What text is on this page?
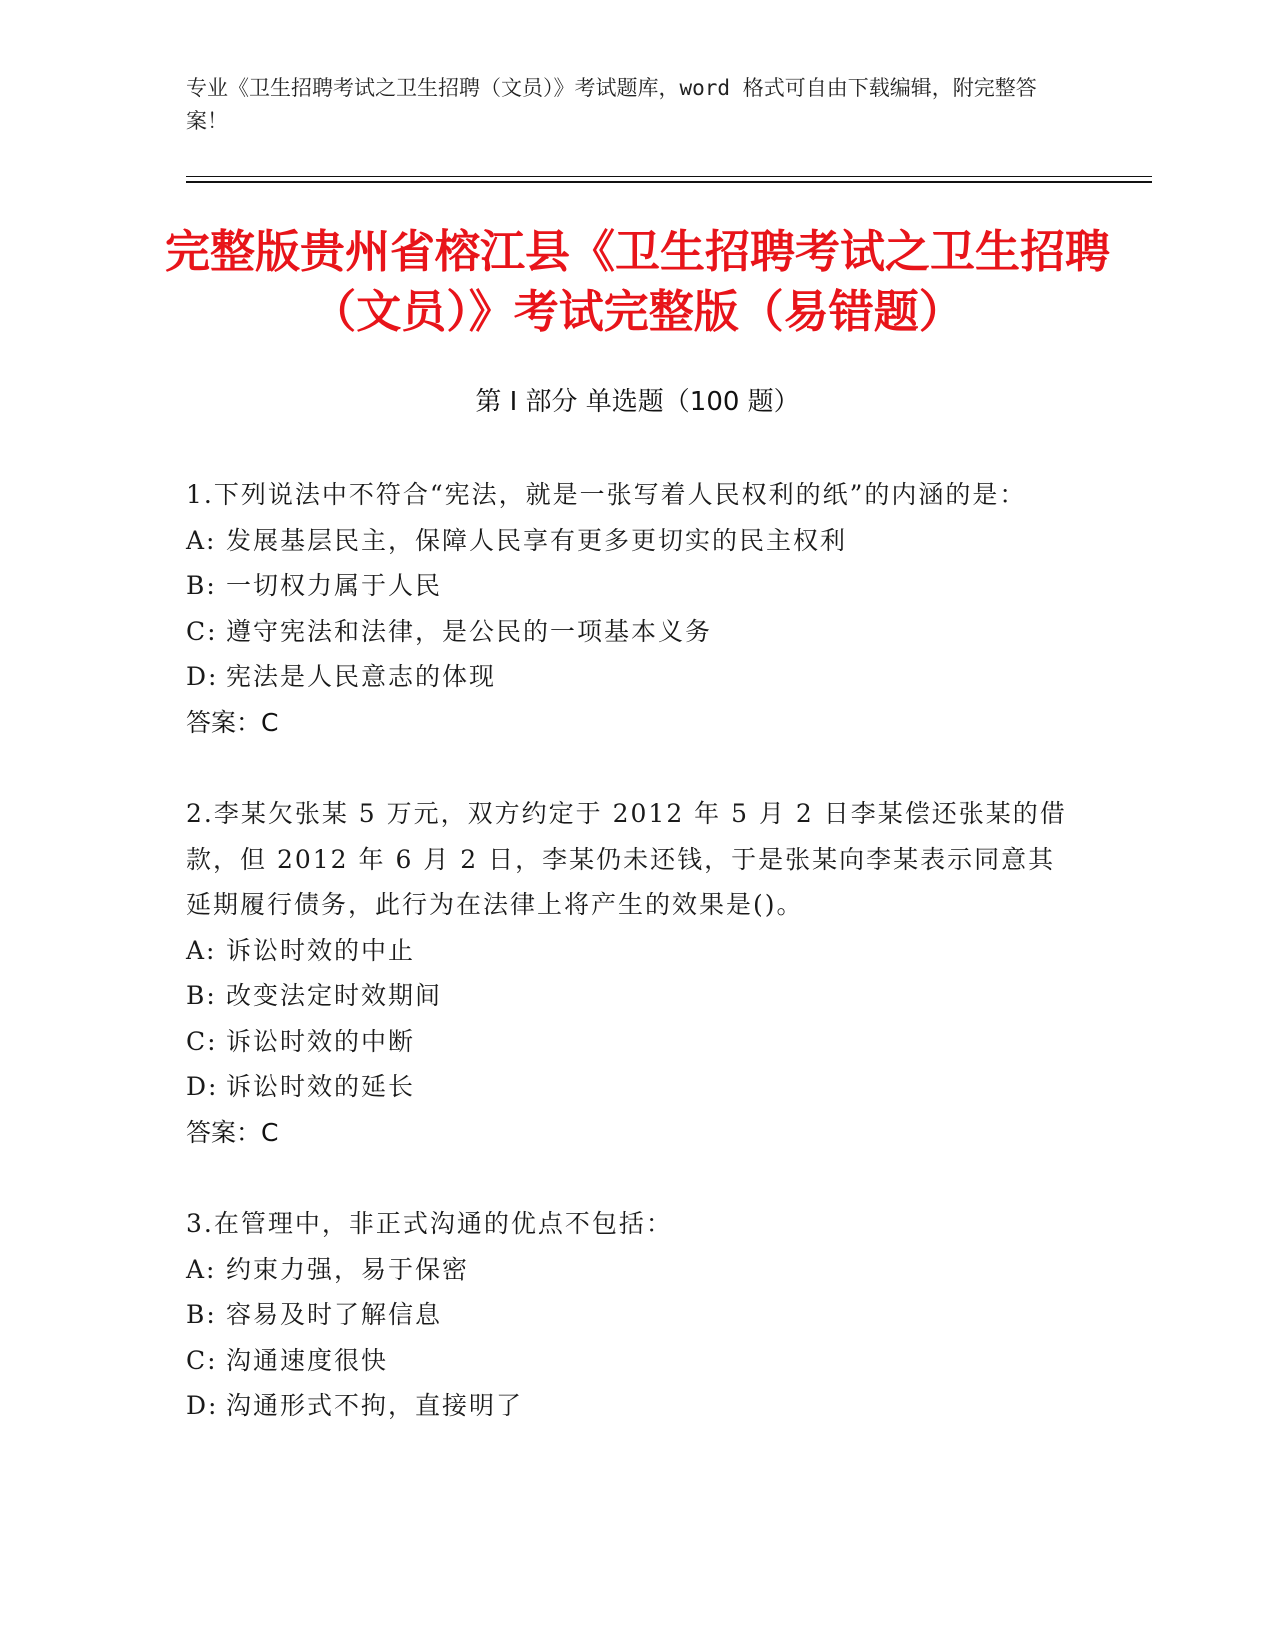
专业《卫生招聘考试之卫生招聘（文员）》考试题库，word 格式可自由下载编辑，附完整答案！
完整版贵州省榕江县《卫生招聘考试之卫生招聘（文员）》考试完整版（易错题）
第 I 部分 单选题（100 题）

1.下列说法中不符合“宪法，就是一张写着人民权利的纸”的内涵的是：

A: 发展基层民主，保障人民享有更多更切实的民主权利

B: 一切权力属于人民

C: 遵守宪法和法律，是公民的一项基本义务

D: 宪法是人民意志的体现

答案：C

2.李某欠张某 5 万元，双方约定于 2012 年 5 月 2 日李某偿还张某的借款，但 2012 年 6 月 2 日，李某仍未还钱，于是张某向李某表示同意其延期履行债务，此行为在法律上将产生的效果是()。

A: 诉讼时效的中止

B: 改变法定时效期间

C: 诉讼时效的中断

D: 诉讼时效的延长

答案：C

3.在管理中，非正式沟通的优点不包括：

A: 约束力强，易于保密

B: 容易及时了解信息

C: 沟通速度很快

D: 沟通形式不拘，直接明了
